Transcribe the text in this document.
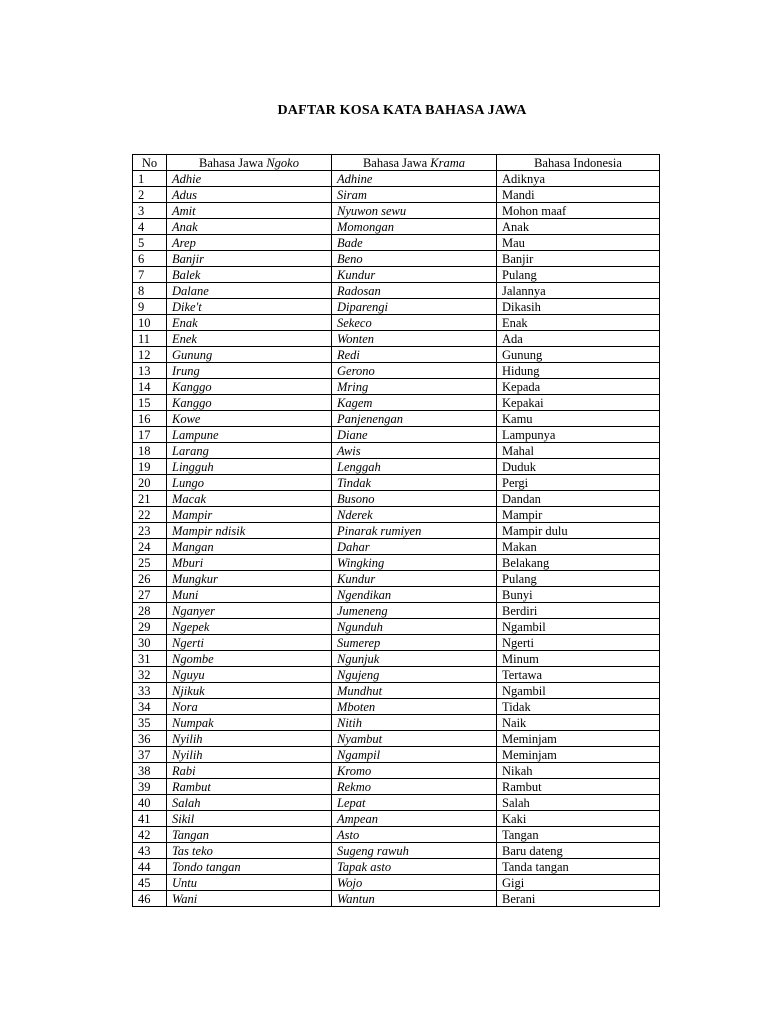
DAFTAR KOSA KATA BAHASA JAWA
No	Bahasa Jawa Ngoko	Bahasa Jawa Krama	Bahasa Indonesia
1	Adhie	Adhine	Adiknya
2	Adus	Siram	Mandi
3	Amit	Nyuwon sewu	Mohon maaf
4	Anak	Momongan	Anak
5	Arep	Bade	Mau
6	Banjir	Beno	Banjir
7	Balek	Kundur	Pulang
8	Dalane	Radosan	Jalannya
9	Dike't	Diparengi	Dikasih
10	Enak	Sekeco	Enak
11	Enek	Wonten	Ada
12	Gunung	Redi	Gunung
13	Irung	Gerono	Hidung
14	Kanggo	Mring	Kepada
15	Kanggo	Kagem	Kepakai
16	Kowe	Panjenengan	Kamu
17	Lampune	Diane	Lampunya
18	Larang	Awis	Mahal
19	Lingguh	Lenggah	Duduk
20	Lungo	Tindak	Pergi
21	Macak	Busono	Dandan
22	Mampir	Nderek	Mampir
23	Mampir ndisik	Pinarak rumiyen	Mampir dulu
24	Mangan	Dahar	Makan
25	Mburi	Wingking	Belakang
26	Mungkur	Kundur	Pulang
27	Muni	Ngendikan	Bunyi
28	Nganyer	Jumeneng	Berdiri
29	Ngepek	Ngunduh	Ngambil
30	Ngerti	Sumerep	Ngerti
31	Ngombe	Ngunjuk	Minum
32	Nguyu	Ngujeng	Tertawa
33	Njikuk	Mundhut	Ngambil
34	Nora	Mboten	Tidak
35	Numpak	Nitih	Naik
36	Nyilih	Nyambut	Meminjam
37	Nyilih	Ngampil	Meminjam
38	Rabi	Kromo	Nikah
39	Rambut	Rekmo	Rambut
40	Salah	Lepat	Salah
41	Sikil	Ampean	Kaki
42	Tangan	Asto	Tangan
43	Tas teko	Sugeng rawuh	Baru dateng
44	Tondo tangan	Tapak asto	Tanda tangan
45	Untu	Wojo	Gigi
46	Wani	Wantun	Berani
